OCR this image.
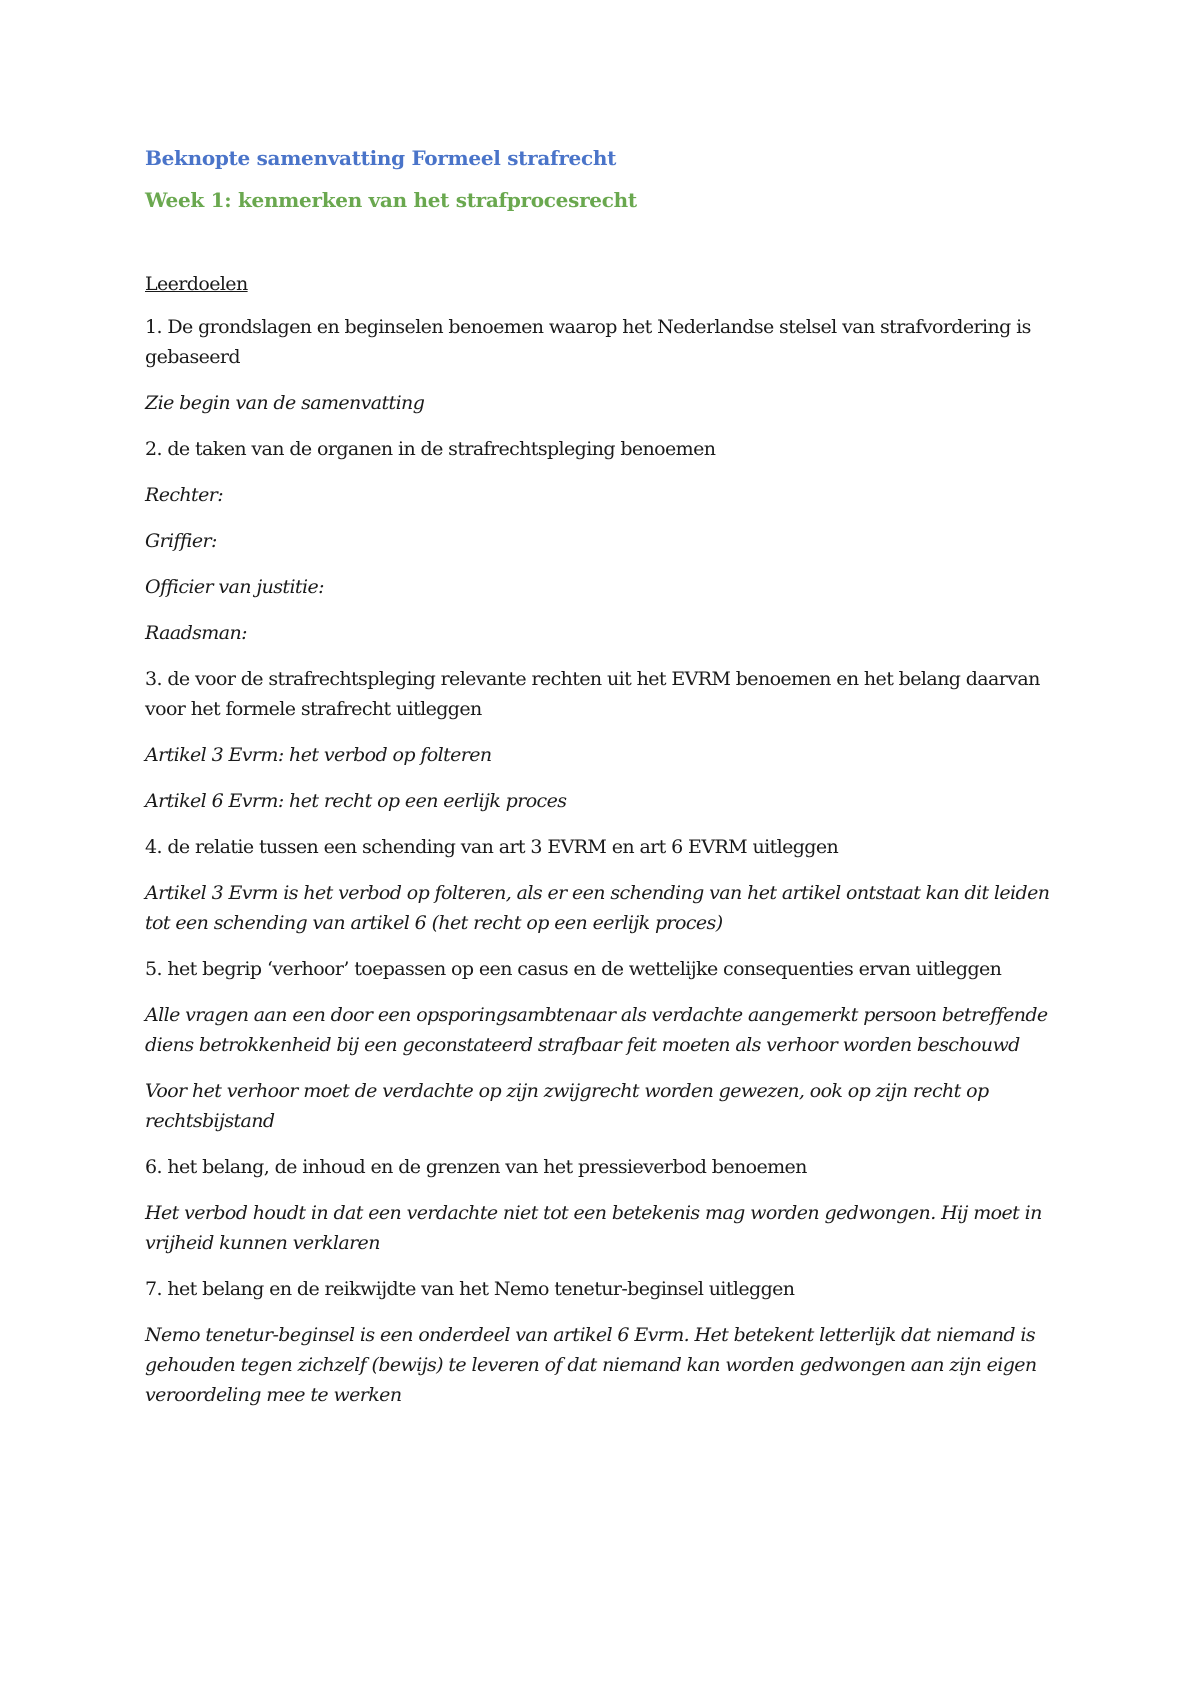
Beknopte samenvatting Formeel strafrecht
Week 1: kenmerken van het strafprocesrecht
Leerdoelen

1. De grondslagen en beginselen benoemen waarop het Nederlandse stelsel van strafvordering is gebaseerd

Zie begin van de samenvatting

2. de taken van de organen in de strafrechtspleging benoemen

Rechter:

Griffier:

Officier van justitie:

Raadsman:

3. de voor de strafrechtspleging relevante rechten uit het EVRM benoemen en het belang daarvan voor het formele strafrecht uitleggen

Artikel 3 Evrm: het verbod op folteren

Artikel 6 Evrm: het recht op een eerlijk proces

4. de relatie tussen een schending van art 3 EVRM en art 6 EVRM uitleggen

Artikel 3 Evrm is het verbod op folteren, als er een schending van het artikel ontstaat kan dit leiden tot een schending van artikel 6 (het recht op een eerlijk proces)

5. het begrip ‘verhoor’ toepassen op een casus en de wettelijke consequenties ervan uitleggen

Alle vragen aan een door een opsporingsambtenaar als verdachte aangemerkt persoon betreffende diens betrokkenheid bij een geconstateerd strafbaar feit moeten als verhoor worden beschouwd

Voor het verhoor moet de verdachte op zijn zwijgrecht worden gewezen, ook op zijn recht op rechtsbijstand

6. het belang, de inhoud en de grenzen van het pressieverbod benoemen

Het verbod houdt in dat een verdachte niet tot een betekenis mag worden gedwongen. Hij moet in vrijheid kunnen verklaren

7. het belang en de reikwijdte van het Nemo tenetur-beginsel uitleggen

Nemo tenetur-beginsel is een onderdeel van artikel 6 Evrm. Het betekent letterlijk dat niemand is gehouden tegen zichzelf (bewijs) te leveren of dat niemand kan worden gedwongen aan zijn eigen veroordeling mee te werken
